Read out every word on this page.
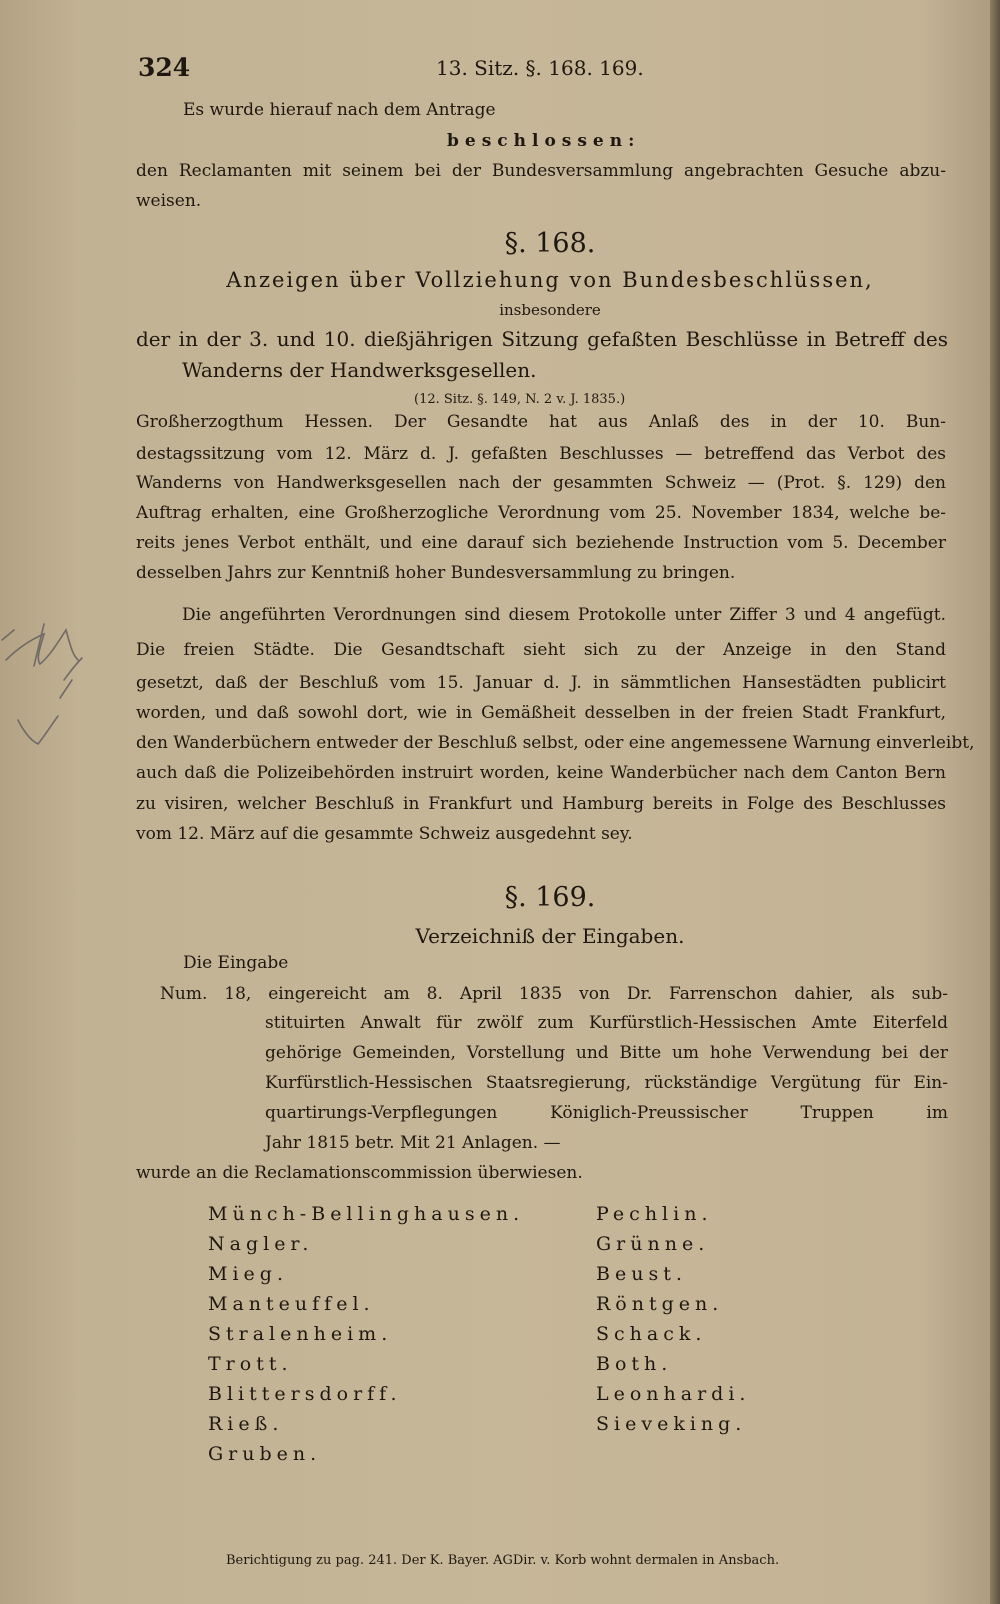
324	13. Sitz. §. 168. 169.
Es wurde hierauf nach dem Antrage
beschlossen:
den Reclamanten mit seinem bei der Bundesversammlung angebrachten Gesuche abzu-
weisen.
§. 168.
Anzeigen über Vollziehung von Bundesbeschlüssen,
insbesondere
der in der 3. und 10. dießjährigen Sitzung gefaßten Beschlüsse in Betreff des
Wanderns der Handwerksgesellen.
(12. Sitz. §. 149, N. 2 v. J. 1835.)
Großherzogthum Hessen. Der Gesandte hat aus Anlaß des in der 10. Bun-
destagssitzung vom 12. März d. J. gefaßten Beschlusses — betreffend das Verbot des
Wanderns von Handwerksgesellen nach der gesammten Schweiz — (Prot. §. 129) den
Auftrag erhalten, eine Großherzogliche Verordnung vom 25. November 1834, welche be-
reits jenes Verbot enthält, und eine darauf sich beziehende Instruction vom 5. December
desselben Jahrs zur Kenntniß hoher Bundesversammlung zu bringen.
Die angeführten Verordnungen sind diesem Protokolle unter Ziffer 3 und 4 angefügt.
Die freien Städte. Die Gesandtschaft sieht sich zu der Anzeige in den Stand
gesetzt, daß der Beschluß vom 15. Januar d. J. in sämmtlichen Hansestädten publicirt
worden, und daß sowohl dort, wie in Gemäßheit desselben in der freien Stadt Frankfurt,
den Wanderbüchern entweder der Beschluß selbst, oder eine angemessene Warnung einverleibt,
auch daß die Polizeibehörden instruirt worden, keine Wanderbücher nach dem Canton Bern
zu visiren, welcher Beschluß in Frankfurt und Hamburg bereits in Folge des Beschlusses
vom 12. März auf die gesammte Schweiz ausgedehnt sey.
§. 169.
Verzeichniß der Eingaben.
Die Eingabe
Num. 18, eingereicht am 8. April 1835 von Dr. Farrenschon dahier, als sub-
stituirten Anwalt für zwölf zum Kurfürstlich-Hessischen Amte Eiterfeld
gehörige Gemeinden, Vorstellung und Bitte um hohe Verwendung bei der
Kurfürstlich-Hessischen Staatsregierung, rückständige Vergütung für Ein-
quartirungs-Verpflegungen Königlich-Preussischer Truppen im
Jahr 1815 betr. Mit 21 Anlagen. —
wurde an die Reclamationscommission überwiesen.
Münch-Bellinghausen.
Nagler.
Mieg.
Manteuffel.
Stralenheim.
Trott.
Blittersdorff.
Rieß.
Gruben.
Pechlin.
Grünne.
Beust.
Röntgen.
Schack.
Both.
Leonhardi.
Sieveking.
Berichtigung zu pag. 241. Der K. Bayer. AGDir. v. Korb wohnt dermalen in Ansbach.
